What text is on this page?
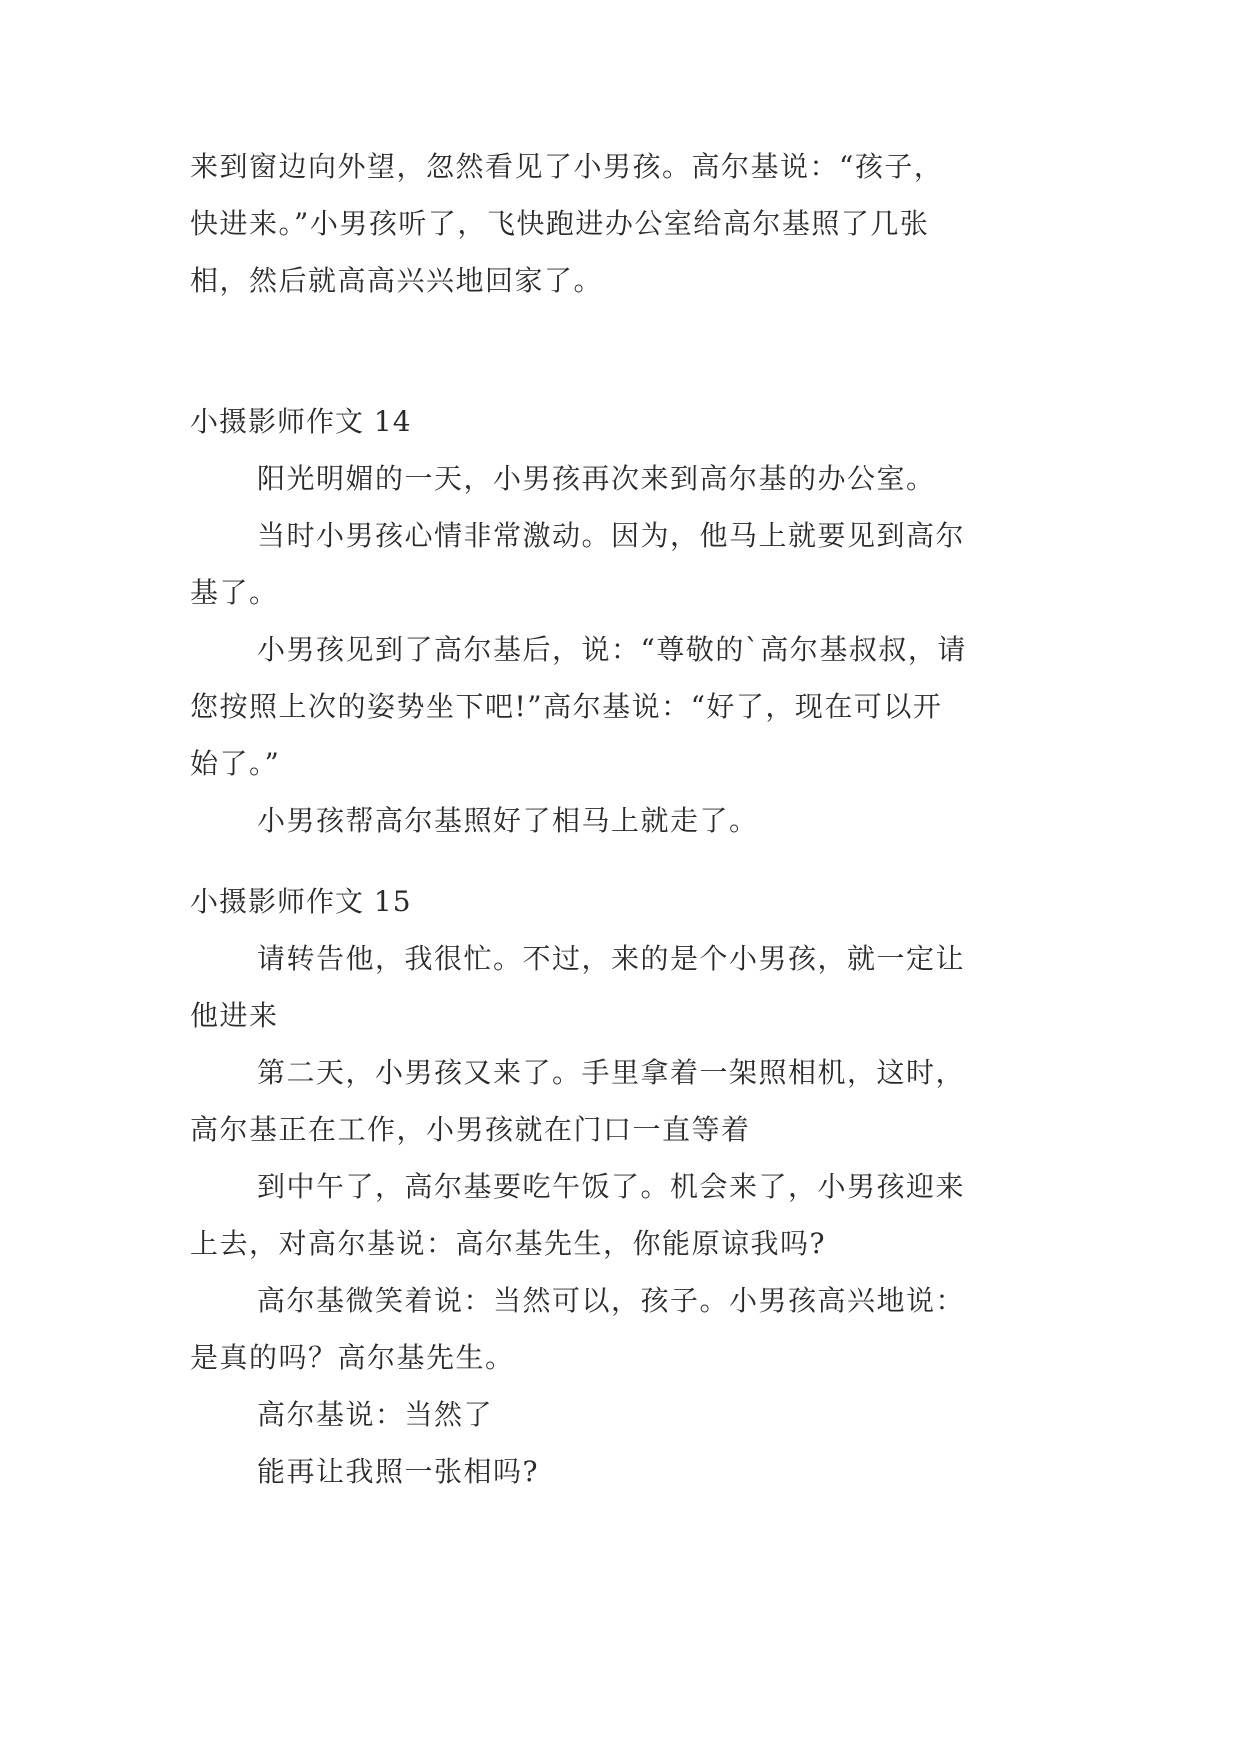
来到窗边向外望，忽然看见了小男孩。高尔基说：“孩子，
快进来。”小男孩听了，飞快跑进办公室给高尔基照了几张
相，然后就高高兴兴地回家了。
小摄影师作文 14
阳光明媚的一天，小男孩再次来到高尔基的办公室。
当时小男孩心情非常激动。因为，他马上就要见到高尔
基了。
小男孩见到了高尔基后，说：“尊敬的`高尔基叔叔，请
您按照上次的姿势坐下吧!”高尔基说：“好了，现在可以开
始了。”
小男孩帮高尔基照好了相马上就走了。
小摄影师作文 15
请转告他，我很忙。不过，来的是个小男孩，就一定让
他进来
第二天，小男孩又来了。手里拿着一架照相机，这时，
高尔基正在工作，小男孩就在门口一直等着
到中午了，高尔基要吃午饭了。机会来了，小男孩迎来
上去，对高尔基说：高尔基先生，你能原谅我吗?
高尔基微笑着说：当然可以，孩子。小男孩高兴地说：
是真的吗？高尔基先生。
高尔基说：当然了
能再让我照一张相吗?
